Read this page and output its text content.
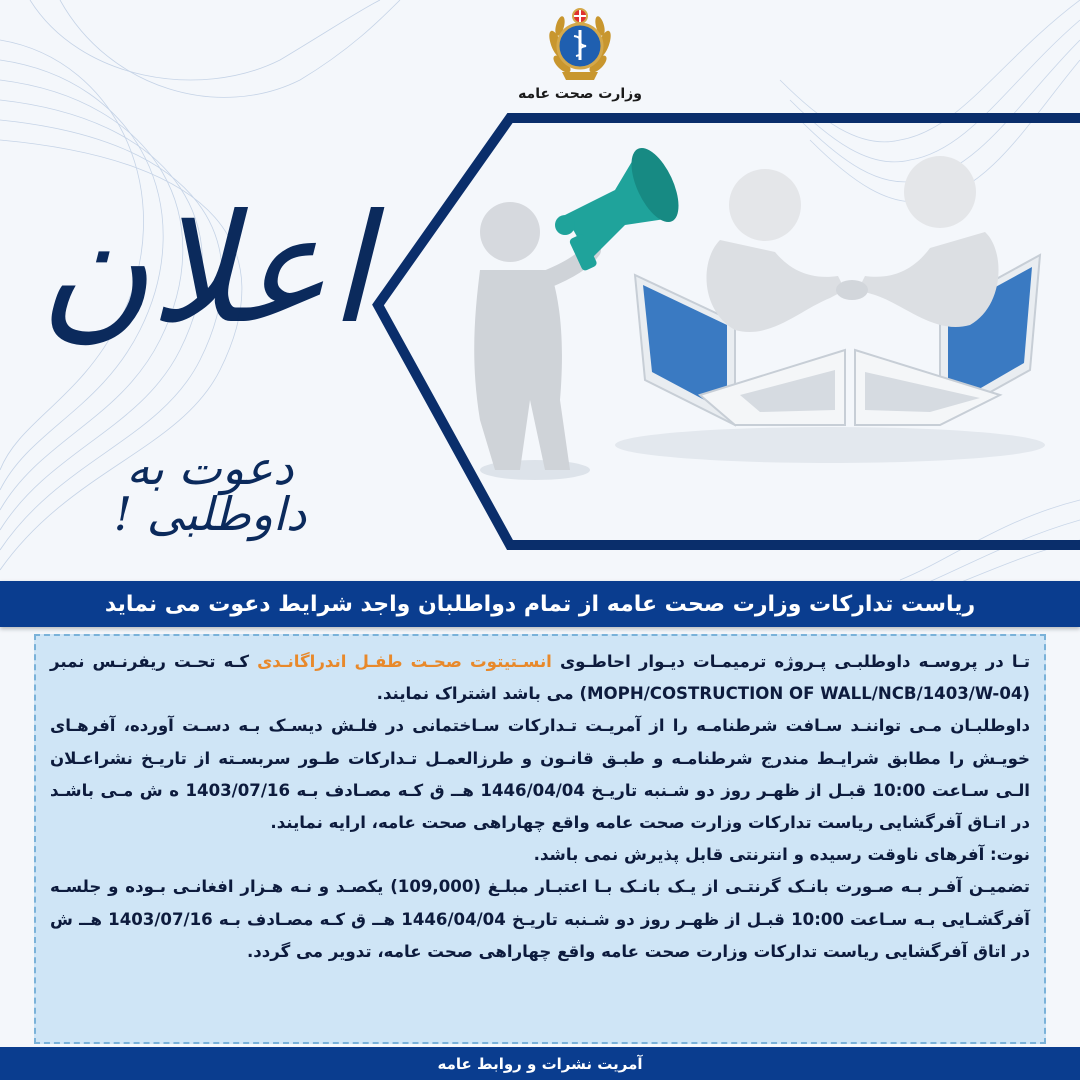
وزارت صحت عامه
اعلان
دعوت به داوطلبی !
ریاست تدارکات وزارت صحت عامه از تمام دواطلبان واجد شرایط دعوت می نماید

تـا در پروسـه داوطلبـی پـروژه ترمیمـات دیـوار احاطـوی انسـتیتوت صحـت طفـل اندراگانـدی کـه تحـت ریفرنـس نمبر (MOPH/COSTRUCTION OF WALL/NCB/1403/W-04) می باشد اشتراک نمایند.

داوطلبـان مـی تواننـد سـافت شرطنامـه را از آمریـت تـدارکات سـاختمانی در فلـش دیسـک بـه دسـت آورده، آفرهـای خویـش را مطابق شرایـط مندرج شرطنامـه و طبـق قانـون و طرزالعمـل تـدارکات طـور سربسـته از تاریـخ نشراعـلان الـی سـاعت 10:00 قبـل از ظهـر روز دو شـنبه تاریـخ 1446/04/04 هــ ق کـه مصـادف بـه 1403/07/16 ه ش مـی باشـد در اتـاق آفرگشایی ریاست تدارکات وزارت صحت عامه واقع چهاراهی صحت عامه، ارایه نمایند.

نوت: آفرهای ناوقت رسیده و انترنتی قابل پذیرش نمی باشد.

تضمیـن آفـر بـه صـورت بانـک گرنتـی از یـک بانـک بـا اعتبـار مبلـغ (109,000) یکصـد و نـه هـزار افغانـی بـوده و جلسـه آفرگشـایی بـه سـاعت 10:00 قبـل از ظهـر روز دو شـنبه تاریـخ 1446/04/04 هــ ق کـه مصـادف بـه 1403/07/16 هــ ش در اتاق آفرگشایی ریاست تدارکات وزارت صحت عامه واقع چهاراهی صحت عامه، تدویر می گردد.

آمریت نشرات و روابط عامه
